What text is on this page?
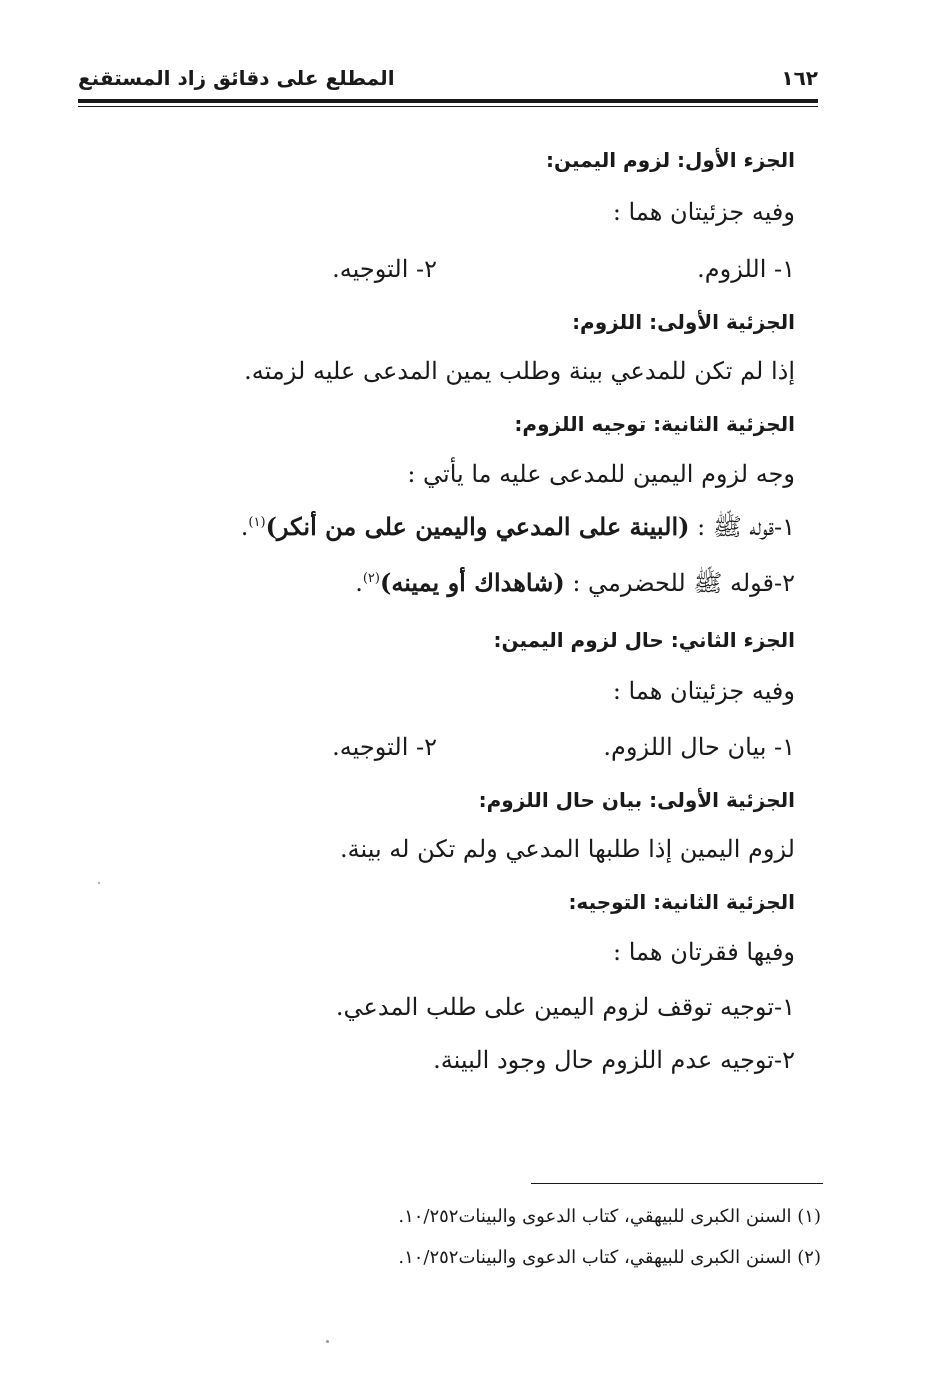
المطلع على دقائق زاد المستقنع	١٦٢
الجزء الأول: لزوم اليمين:
وفيه جزئيتان هما :
١- اللزوم.
٢- التوجيه.
الجزئية الأولى: اللزوم:
إذا لم تكن للمدعي بينة وطلب يمين المدعى عليه لزمته.
الجزئية الثانية: توجيه اللزوم:
وجه لزوم اليمين للمدعى عليه ما يأتي :
١-قوله ﷺ : (البينة على المدعي واليمين على من أنكر)$^{(١)}$.
٢-قوله ﷺ للحضرمي : (شاهداك أو يمينه)$^{(٢)}$.
الجزء الثاني: حال لزوم اليمين:
وفيه جزئيتان هما :
١- بيان حال اللزوم.
٢- التوجيه.
الجزئية الأولى: بيان حال اللزوم:
لزوم اليمين إذا طلبها المدعي ولم تكن له بينة.
الجزئية الثانية: التوجيه:
وفيها فقرتان هما :
١-توجيه توقف لزوم اليمين على طلب المدعي.
٢-توجيه عدم اللزوم حال وجود البينة.
(١) السنن الكبرى للبيهقي، كتاب الدعوى والبينات١٠/٢٥٢.
(٢) السنن الكبرى للبيهقي، كتاب الدعوى والبينات١٠/٢٥٢.
